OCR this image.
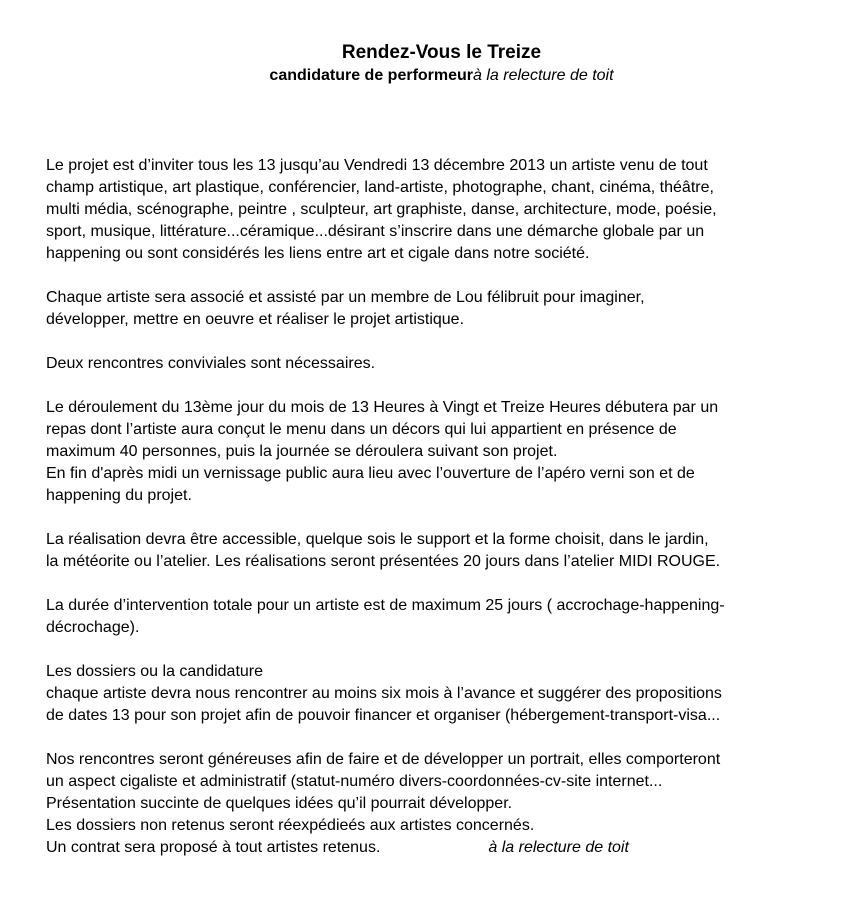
Rendez-Vous le Treize

candidature de performeurà la relecture de toit

Le projet est d’inviter tous les 13 jusqu’au Vendredi 13 décembre 2013 un artiste venu de tout
champ artistique, art plastique, conférencier, land-artiste, photographe, chant, cinéma, théâtre,
multi média, scénographe, peintre , sculpteur, art graphiste, danse, architecture, mode, poésie,
sport, musique, littérature...céramique...désirant s’inscrire dans une démarche globale par un
happening ou sont considérés les liens entre art et cigale dans notre société.

Chaque artiste sera associé et assisté par un membre de Lou félibruit pour imaginer,
développer, mettre en oeuvre et réaliser le projet artistique.

Deux rencontres conviviales sont nécessaires.

Le déroulement du 13ème jour du mois de 13 Heures à Vingt et Treize Heures débutera par un
repas dont l’artiste aura conçut le menu dans un décors qui lui appartient en présence de
maximum 40 personnes, puis la journée se déroulera suivant son projet.
En fin d'après midi un vernissage public aura lieu avec l’ouverture de l’apéro verni son et de
happening du projet.

La réalisation devra être accessible, quelque sois le support et la forme choisit, dans le jardin,
la météorite ou l’atelier. Les réalisations seront présentées 20 jours dans l’atelier MIDI ROUGE.

La durée d’intervention totale pour un artiste est de maximum 25 jours ( accrochage-happening-
décrochage).

Les dossiers ou la candidature
chaque artiste devra nous rencontrer au moins six mois à l’avance et suggérer des propositions
de dates 13 pour son projet afin de pouvoir financer et organiser (hébergement-transport-visa...

Nos rencontres seront généreuses afin de faire et de développer un portrait, elles comporteront
un aspect cigaliste et administratif (statut-numéro divers-coordonnées-cv-site internet...
Présentation succinte de quelques idées qu’il pourrait développer.
Les dossiers non retenus seront réexpédieés aux artistes concernés.
Un contrat sera proposé à tout artistes retenus.	à la relecture de toit
